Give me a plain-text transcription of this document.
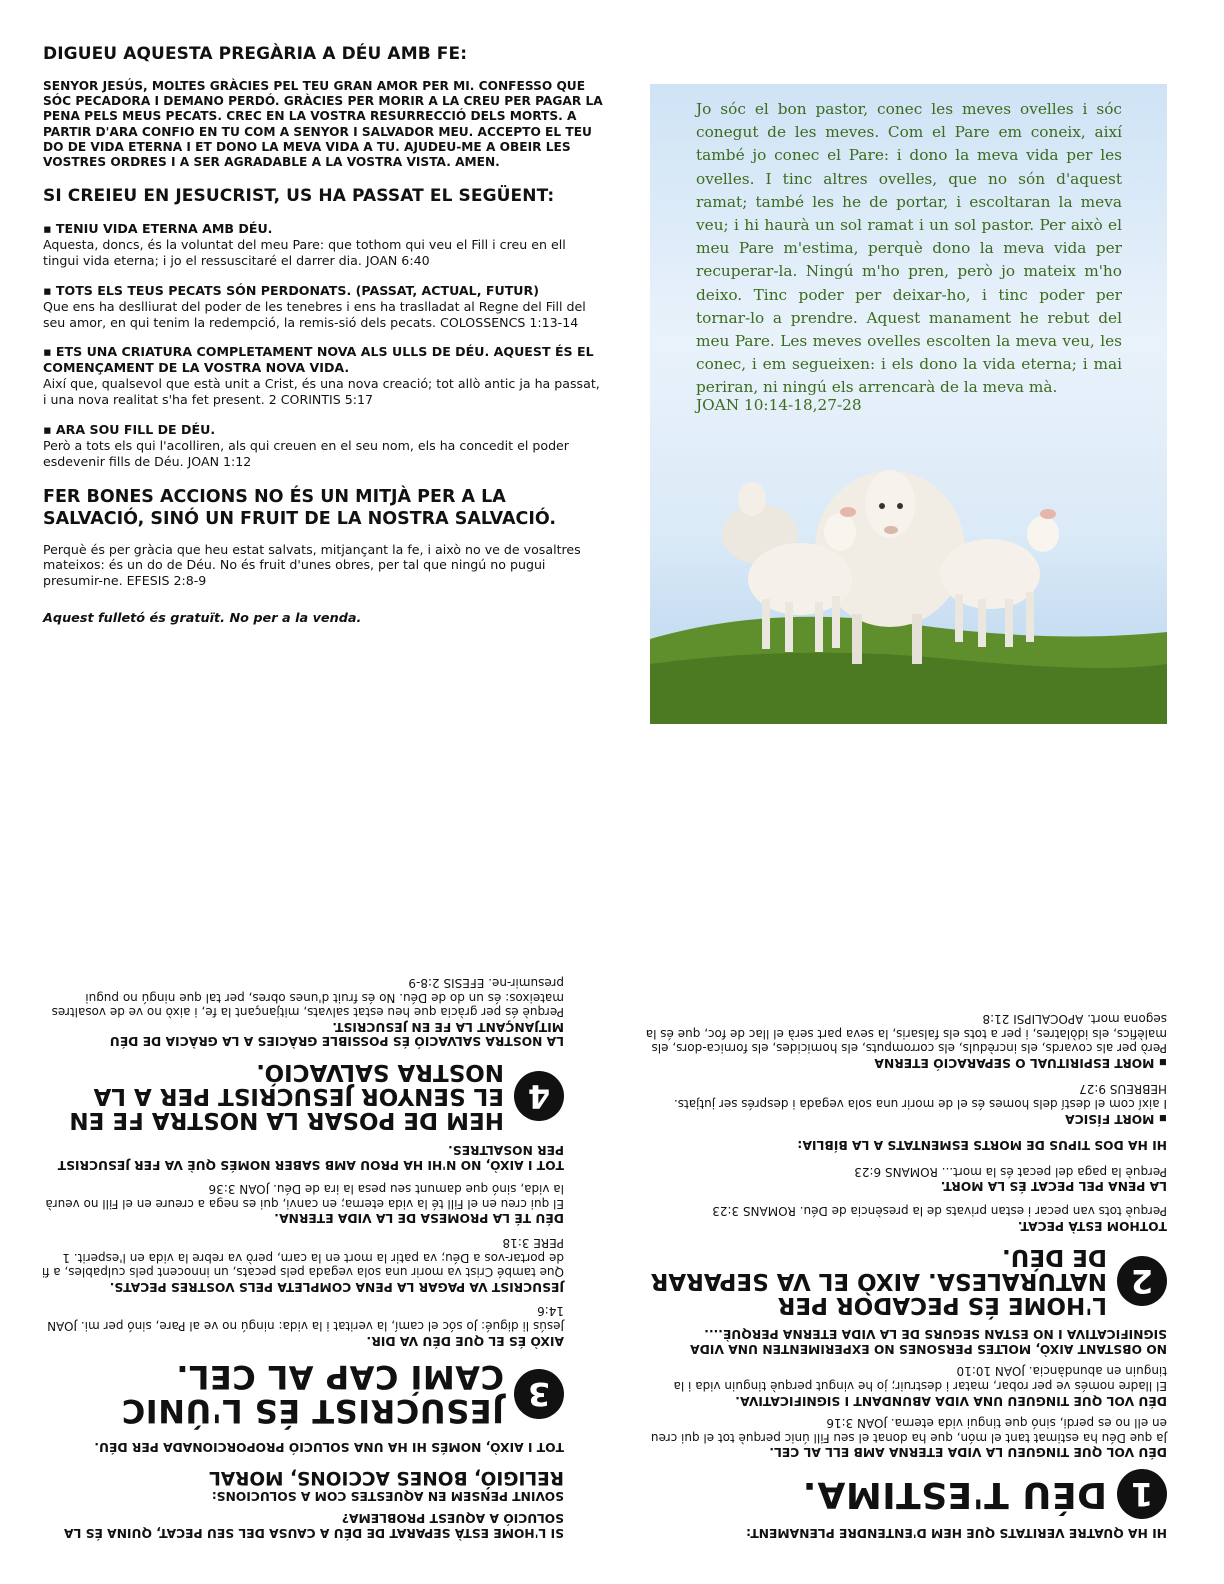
DIGUEU AQUESTA PREGÀRIA A DÉU AMB FE:

SENYOR JESÚS, MOLTES GRÀCIES PEL TEU GRAN AMOR PER MI. CONFESSO QUE SÓC PECADORA I DEMANO PERDÓ. GRÀCIES PER MORIR A LA CREU PER PAGAR LA PENA PELS MEUS PECATS. CREC EN LA VOSTRA RESURRECCIÓ DELS MORTS. A PARTIR D'ARA CONFIO EN TU COM A SENYOR I SALVADOR MEU. ACCEPTO EL TEU DO DE VIDA ETERNA I ET DONO LA MEVA VIDA A TU. AJUDEU-ME A OBEIR LES VOSTRES ORDRES I A SER AGRADABLE A LA VOSTRA VISTA. AMEN.

SI CREIEU EN JESUCRIST, US HA PASSAT EL SEGÜENT:

▪ TENIU VIDA ETERNA AMB DÉU.

Aquesta, doncs, és la voluntat del meu Pare: que tothom qui veu el Fill i creu en ell tingui vida eterna; i jo el ressuscitaré el darrer dia. JOAN 6:40

▪ TOTS ELS TEUS PECATS SÓN PERDONATS. (PASSAT, ACTUAL, FUTUR)

Que ens ha deslliurat del poder de les tenebres i ens ha traslladat al Regne del Fill del seu amor, en qui tenim la redempció, la remis-sió dels pecats. COLOSSENCS 1:13-14

▪ ETS UNA CRIATURA COMPLETAMENT NOVA ALS ULLS DE DÉU. AQUEST ÉS EL COMENÇAMENT DE LA VOSTRA NOVA VIDA.

Així que, qualsevol que està unit a Crist, és una nova creació; tot allò antic ja ha passat, i una nova realitat s'ha fet present. 2 CORINTIS 5:17

▪ ARA SOU FILL DE DÉU.

Però a tots els qui l'acolliren, als qui creuen en el seu nom, els ha concedit el poder esdevenir fills de Déu. JOAN 1:12

FER BONES ACCIONS NO ÉS UN MITJÀ PER A LA SALVACIÓ, SINÓ UN FRUIT DE LA NOSTRA SALVACIÓ.

Perquè és per gràcia que heu estat salvats, mitjançant la fe, i això no ve de vosaltres mateixos: és un do de Déu. No és fruit d'unes obres, per tal que ningú no pugui presumir-ne. EFESIS 2:8-9

Aquest fulletó és gratuït. No per a la venda.

Jo sóc el bon pastor, conec les meves ovelles i sóc conegut de les meves. Com el Pare em coneix, així també jo conec el Pare: i dono la meva vida per les ovelles. I tinc altres ovelles, que no són d'aquest ramat; també les he de portar, i escoltaran la meva veu; i hi haurà un sol ramat i un sol pastor. Per això el meu Pare m'estima, perquè dono la meva vida per recuperar-la. Ningú m'ho pren, però jo mateix m'ho deixo. Tinc poder per deixar-ho, i tinc poder per tornar-lo a prendre. Aquest manament he rebut del meu Pare. Les meves ovelles escolten la meva veu, les conec, i em segueixen: i els dono la vida eterna; i mai periran, ni ningú els arrencarà de la meva mà.

JOAN 10:14-18,27-28

HI HA QUATRE VERITATS QUE HEM D'ENTENDRE PLENAMENT:

1
DÉU T'ESTIMA.

DÉU VOL QUE TINGUEU LA VIDA ETERNA AMB ELL AL CEL.

Ja que Déu ha estimat tant el món, que ha donat el seu Fill únic perquè tot el qui creu en ell no es perdi, sinó que tingui vida eterna. JOAN 3:16

DÉU VOL QUE TINGUEU UNA VIDA ABUNDANT I SIGNIFICATIVA.

El lladre només ve per robar, matar i destruir; jo he vingut perquè tinguin vida i la tinguin en abundància. JOAN 10:10

NO OBSTANT AIXÒ, MOLTES PERSONES NO EXPERIMENTEN UNA VIDA SIGNIFICATIVA I NO ESTAN SEGURS DE LA VIDA ETERNA PERQUÈ....

2
L'HOME ÉS PECADOR PER NATURALESA. AIXÒ EL VA SEPARAR DE DÉU.

TOTHOM ESTÀ PECAT.

Perquè tots van pecar i estan privats de la presència de Déu. ROMANS 3:23

LA PENA PEL PECAT ÉS LA MORT.

Perquè la paga del pecat és la mort... ROMANS 6:23

HI HA DOS TIPUS DE MORTS ESMENTATS A LA BÍBLIA:

▪ MORT FÍSICA

I així com el destí dels homes és el de morir una sola vegada i després ser jutjats. HEBREUS 9:27

▪ MORT ESPIRITUAL O SEPARACIÓ ETERNA

Però per als covards, els incrèduls, els corromputs, els homicides, els fornica-dors, els malèfics, els idòlatres, i per a tots els falsaris, la seva part serà el llac de foc, que és la segona mort. APOCALIPSI 21:8

SI L'HOME ESTÀ SEPARAT DE DÉU A CAUSA DEL SEU PECAT, QUINA ÉS LA SOLUCIÓ A AQUEST PROBLEMA?

SOVINT PENSEM EN AQUESTES COM A SOLUCIONS:

RELIGIÓ, BONES ACCIONS, MORAL

TOT I AIXÒ, NOMÉS HI HA UNA SOLUCIÓ PROPORCIONADA PER DÉU.

3
JESUCRIST ÉS L'ÚNIC CAMÍ CAP AL CEL.

AIXÒ ÉS EL QUE DÉU VA DIR.

Jesús li digué: Jo sóc el camí, la veritat i la vida: ningú no ve al Pare, sinó per mi. JOAN 14:6

JESUCRIST VA PAGAR LA PENA COMPLETA PELS VOSTRES PECATS.

Que també Crist va morir una sola vegada pels pecats, un innocent pels culpables, a fi de portar-vos a Déu; va patir la mort en la carn, però va rebre la vida en l'esperit. 1 PERE 3:18

DÉU TÉ LA PROMESA DE LA VIDA ETERNA.

El qui creu en el Fill té la vida eterna; en canvi, qui es nega a creure en el Fill no veurà la vida, sinó que damunt seu pesa la ira de Déu. JOAN 3:36

TOT I AIXÒ, NO N'HI HA PROU AMB SABER NOMÉS QUÈ VA FER JESUCRIST PER NOSALTRES.

4
HEM DE POSAR LA NOSTRA FE EN EL SENYOR JESUCRIST PER A LA NOSTRA SALVACIÓ.

LA NOSTRA SALVACIÓ ÉS POSSIBLE GRÀCIES A LA GRÀCIA DE DÉU MITJANÇANT LA FE EN JESUCRIST.

Perquè és per gràcia que heu estat salvats, mitjançant la fe, i això no ve de vosaltres mateixos: és un do de Déu. No és fruit d'unes obres, per tal que ningú no pugui presumir-ne. EFESIS 2:8-9
